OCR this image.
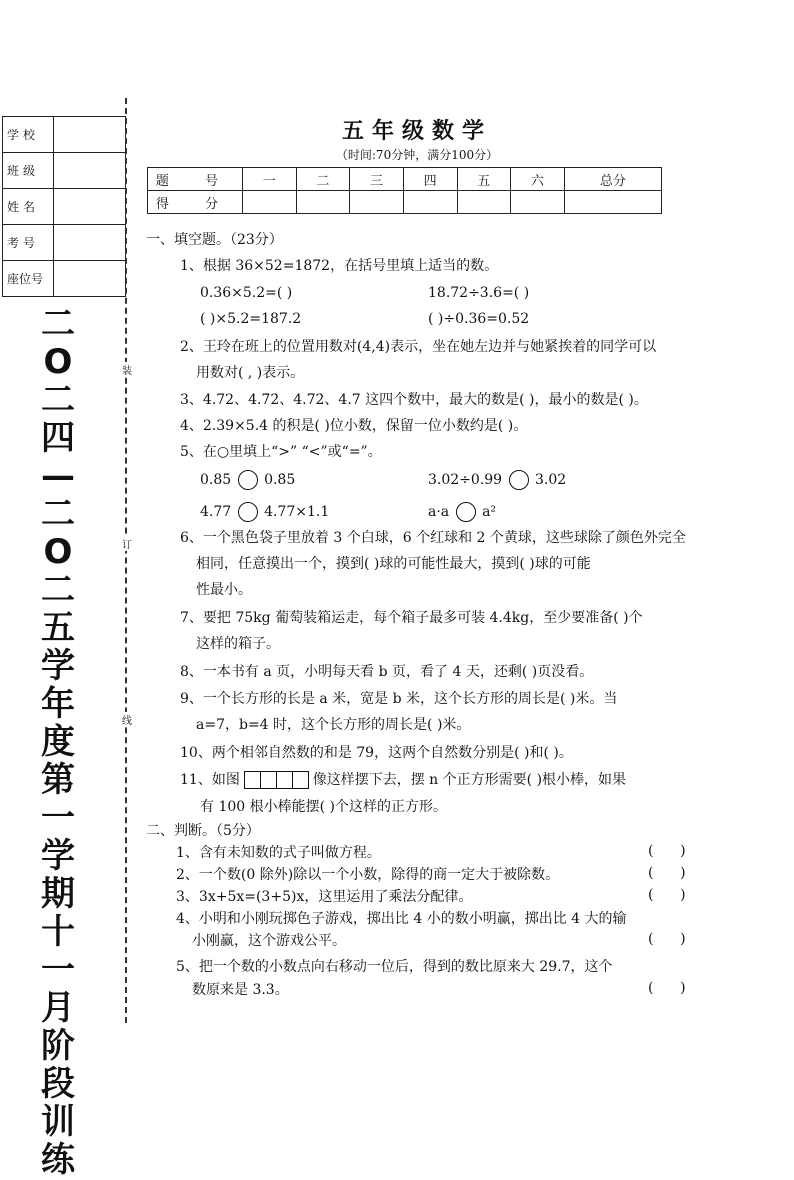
学校	
班级	
姓名	
考号	
座位号	
二
O
二
四
—
二
O
二
五
学
年
度
第
一
学
期
十
一
月
阶
段
训
练
装
订
线
五年级数学
（时间:70分钟，满分100分）
题 号	一	二	三	四	五	六	总分
得 分							
一、填空题。（23分）
1、根据 36×52=1872，在括号里填上适当的数。
0.36×5.2=( )	18.72÷3.6=( )
( )×5.2=187.2	( )÷0.36=0.52
2、王玲在班上的位置用数对(4,4)表示，坐在她左边并与她紧挨着的同学可以
用数对( , )表示。
3、4.72、4.7̇2̇、4.72̇、4.7 这四个数中，最大的数是( )，最小的数是( )。
4、2.39×5.4 的积是( )位小数，保留一位小数约是( )。
5、在○里填上“>” “<”或“=”。
0.85̇ 0.8̇5̇	3.02÷0.99 3.02
4.77 4.77×1.1	a·a a²
6、一个黑色袋子里放着 3 个白球，6 个红球和 2 个黄球，这些球除了颜色外完全
相同，任意摸出一个，摸到( )球的可能性最大，摸到( )球的可能
性最小。
7、要把 75kg 葡萄装箱运走，每个箱子最多可装 4.4kg，至少要准备( )个
这样的箱子。
8、一本书有 a 页，小明每天看 b 页，看了 4 天，还剩( )页没看。
9、一个长方形的长是 a 米，宽是 b 米，这个长方形的周长是( )米。当
a=7，b=4 时，这个长方形的周长是( )米。
10、两个相邻自然数的和是 79，这两个自然数分别是( )和( )。
11、如图	像这样摆下去，摆 n 个正方形需要( )根小棒，如果
有 100 根小棒能摆( )个这样的正方形。
二、判断。（5分）
1、含有未知数的式子叫做方程。	(      )
2、一个数(0 除外)除以一个小数，除得的商一定大于被除数。	(      )
3、3x+5x=(3+5)x，这里运用了乘法分配律。	(      )
4、小明和小刚玩掷色子游戏，掷出比 4 小的数小明赢，掷出比 4 大的输
小刚赢，这个游戏公平。	(      )
5、把一个数的小数点向右移动一位后，得到的数比原来大 29.7，这个
数原来是 3.3。	(      )
